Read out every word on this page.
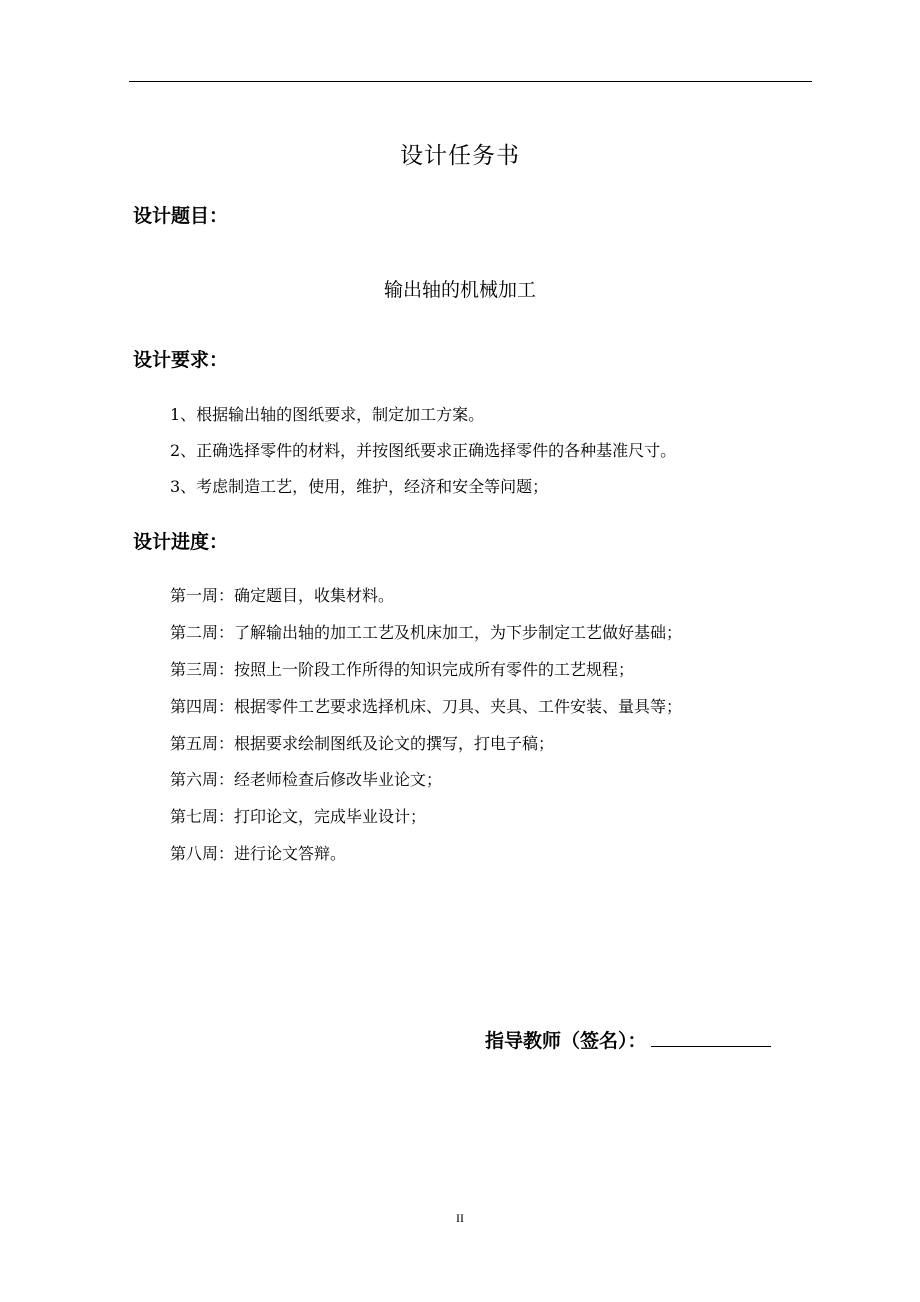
设计任务书
设计题目：
输出轴的机械加工
设计要求：
1、根据输出轴的图纸要求，制定加工方案。
2、正确选择零件的材料，并按图纸要求正确选择零件的各种基准尺寸。
3、考虑制造工艺，使用，维护，经济和安全等问题；
设计进度：
第一周：确定题目，收集材料。
第二周：了解输出轴的加工工艺及机床加工，为下步制定工艺做好基础；
第三周：按照上一阶段工作所得的知识完成所有零件的工艺规程；
第四周：根据零件工艺要求选择机床、刀具、夹具、工件安装、量具等；
第五周：根据要求绘制图纸及论文的撰写，打电子稿；
第六周：经老师检查后修改毕业论文；
第七周：打印论文，完成毕业设计；
第八周：进行论文答辩。
指导教师（签名）：
II
